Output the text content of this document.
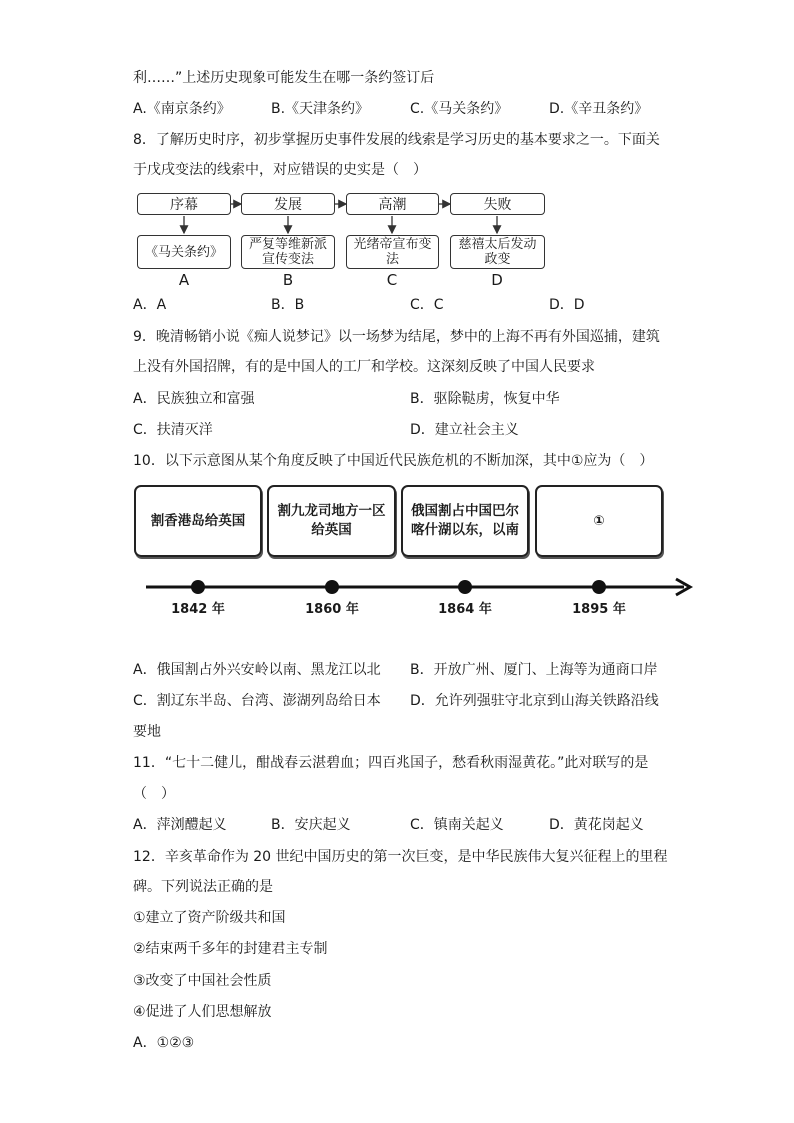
利……”上述历史现象可能发生在哪一条约签订后
A.《南京条约》	B.《天津条约》	C.《马关条约》	D.《辛丑条约》
8．了解历史时序，初步掌握历史事件发展的线索是学习历史的基本要求之一。下面关
于戊戌变法的线索中，对应错误的史实是（　）
序幕	发展	高潮	失败
《马关条约》	严复等维新派宣传变法
光绪帝宣布变法
慈禧太后发动政变
A	B	C	D
A．A	B．B	C．C	D．D
9．晚清畅销小说《痴人说梦记》以一场梦为结尾，梦中的上海不再有外国巡捕，建筑
上没有外国招牌，有的是中国人的工厂和学校。这深刻反映了中国人民要求
A．民族独立和富强	B．驱除鞑虏，恢复中华
C．扶清灭洋	D．建立社会主义
10．以下示意图从某个角度反映了中国近代民族危机的不断加深，其中①应为（　）
割香港岛给英国
割九龙司地方一区给英国
俄国割占中国巴尔喀什湖以东，以南
①
1842 年	1860 年	1864 年	1895 年
A．俄国割占外兴安岭以南、黑龙江以北 B．开放广州、厦门、上海等为通商口岸
C．割辽东半岛、台湾、澎湖列岛给日本 D．允许列强驻守北京到山海关铁路沿线
要地
11．“七十二健儿，酣战春云湛碧血；四百兆国子，愁看秋雨湿黄花。”此对联写的是
（　）
A．萍浏醴起义	B．安庆起义	C．镇南关起义	D．黄花岗起义
12．辛亥革命作为 20 世纪中国历史的第一次巨变，是中华民族伟大复兴征程上的里程
碑。下列说法正确的是
①建立了资产阶级共和国
②结束两千多年的封建君主专制
③改变了中国社会性质
④促进了人们思想解放
A．①②③
